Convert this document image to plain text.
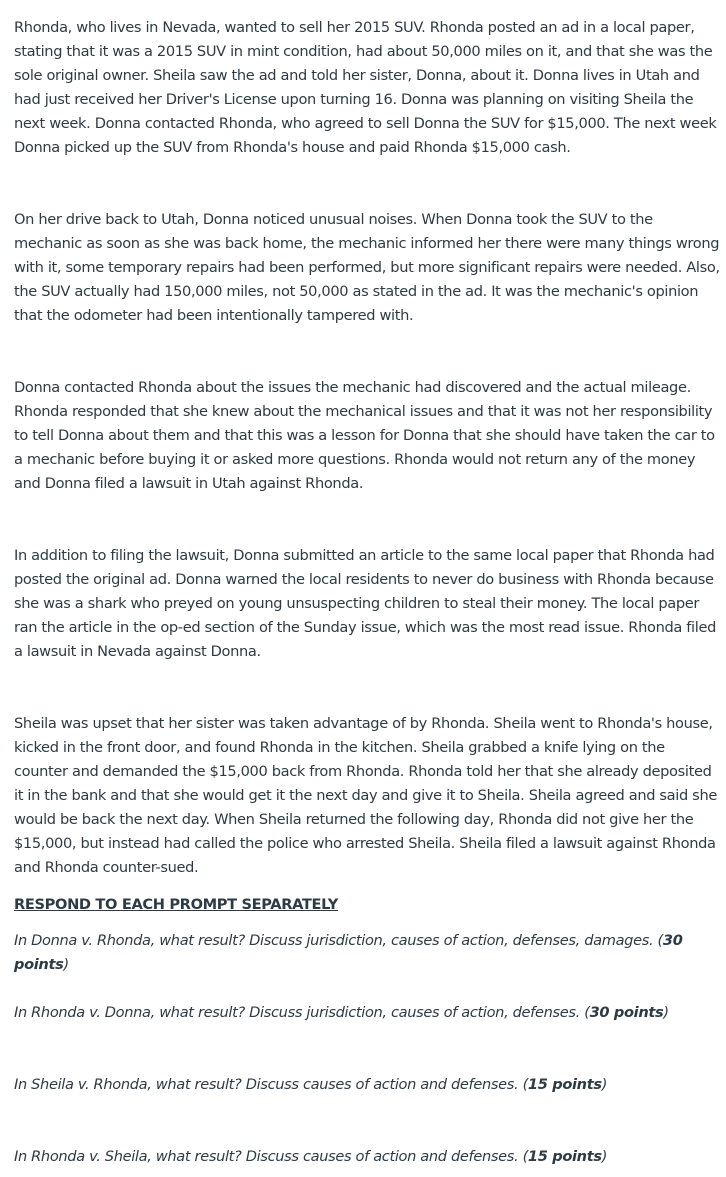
Rhonda, who lives in Nevada, wanted to sell her 2015 SUV. Rhonda posted an ad in a local paper, stating that it was a 2015 SUV in mint condition, had about 50,000 miles on it, and that she was the sole original owner. Sheila saw the ad and told her sister, Donna, about it. Donna lives in Utah and had just received her Driver's License upon turning 16. Donna was planning on visiting Sheila the next week. Donna contacted Rhonda, who agreed to sell Donna the SUV for $15,000. The next week Donna picked up the SUV from Rhonda's house and paid Rhonda $15,000 cash.

On her drive back to Utah, Donna noticed unusual noises. When Donna took the SUV to the mechanic as soon as she was back home, the mechanic informed her there were many things wrong with it, some temporary repairs had been performed, but more significant repairs were needed. Also, the SUV actually had 150,000 miles, not 50,000 as stated in the ad. It was the mechanic's opinion that the odometer had been intentionally tampered with.

Donna contacted Rhonda about the issues the mechanic had discovered and the actual mileage. Rhonda responded that she knew about the mechanical issues and that it was not her responsibility to tell Donna about them and that this was a lesson for Donna that she should have taken the car to a mechanic before buying it or asked more questions. Rhonda would not return any of the money and Donna filed a lawsuit in Utah against Rhonda.

In addition to filing the lawsuit, Donna submitted an article to the same local paper that Rhonda had posted the original ad. Donna warned the local residents to never do business with Rhonda because she was a shark who preyed on young unsuspecting children to steal their money. The local paper ran the article in the op-ed section of the Sunday issue, which was the most read issue. Rhonda filed a lawsuit in Nevada against Donna.

Sheila was upset that her sister was taken advantage of by Rhonda. Sheila went to Rhonda's house, kicked in the front door, and found Rhonda in the kitchen. Sheila grabbed a knife lying on the counter and demanded the $15,000 back from Rhonda. Rhonda told her that she already deposited it in the bank and that she would get it the next day and give it to Sheila. Sheila agreed and said she would be back the next day. When Sheila returned the following day, Rhonda did not give her the $15,000, but instead had called the police who arrested Sheila. Sheila filed a lawsuit against Rhonda and Rhonda counter-sued.

RESPOND TO EACH PROMPT SEPARATELY

In Donna v. Rhonda, what result? Discuss jurisdiction, causes of action, defenses, damages. (30 points)

In Rhonda v. Donna, what result? Discuss jurisdiction, causes of action, defenses. (30 points)

In Sheila v. Rhonda, what result? Discuss causes of action and defenses. (15 points)

In Rhonda v. Sheila, what result? Discuss causes of action and defenses. (15 points)
